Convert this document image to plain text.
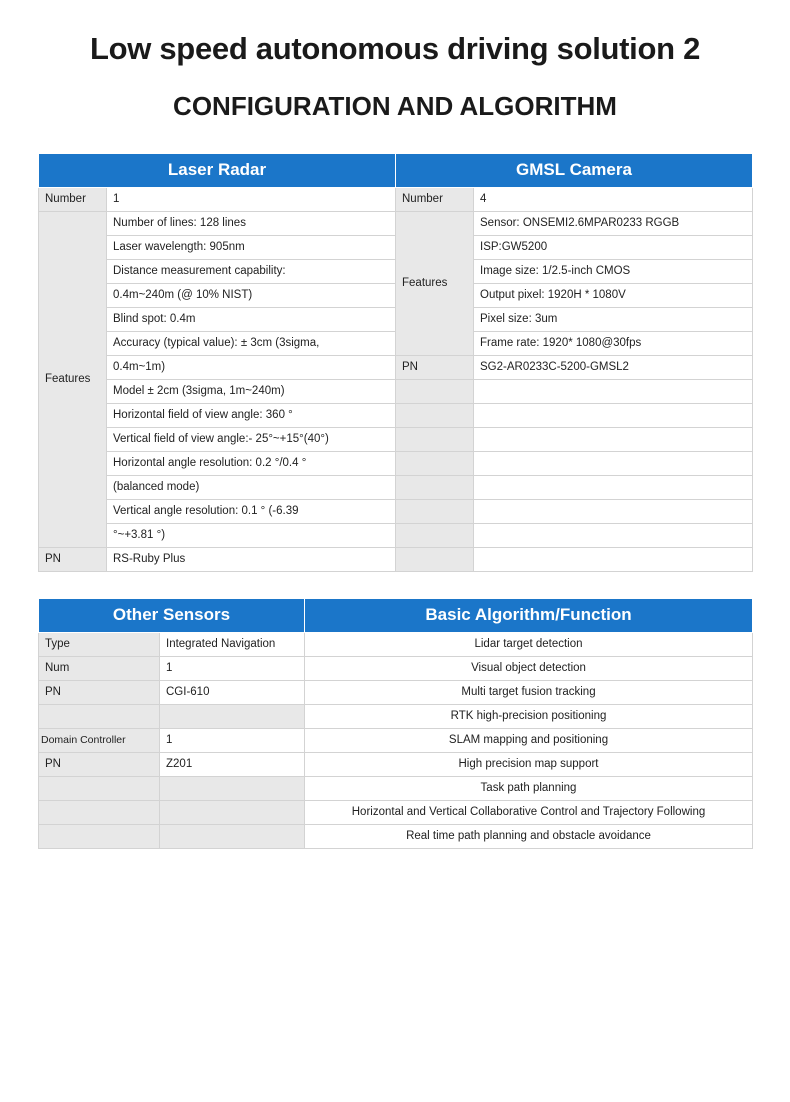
Low speed autonomous driving solution 2
CONFIGURATION AND ALGORITHM
Laser Radar		GMSL Camera	
Number	1	Number	4
Features	Number of lines: 128 lines	Features	Sensor: ONSEMI2.6MPAR0233 RGGB
	Laser wavelength: 905nm		ISP:GW5200
	Distance measurement capability:		Image size: 1/2.5-inch CMOS
	0.4m~240m (@ 10% NIST)		Output pixel: 1920H * 1080V
	Blind spot: 0.4m		Pixel size: 3um
	Accuracy (typical value): ± 3cm (3sigma,		Frame rate: 1920* 1080@30fps
	0.4m~1m)	PN	SG2-AR0233C-5200-GMSL2
	Model ± 2cm (3sigma, 1m~240m)		
	Horizontal field of view angle: 360 °		
	Vertical field of view angle:- 25°~+15°(40°)		
	Horizontal angle resolution: 0.2 °/0.4 °		
	(balanced mode)		
	Vertical angle resolution: 0.1 ° (-6.39		
	°~+3.81 °)		
PN	RS-Ruby Plus		
Other Sensors		Basic Algorithm/Function
Type	Integrated Navigation	Lidar target detection
Num	1	Visual object detection
PN	CGI-610	Multi target fusion tracking
		RTK high-precision positioning
Domain Controller	1	SLAM mapping and positioning
PN	Z201	High precision map support
		Task path planning
		Horizontal and Vertical Collaborative Control and Trajectory Following
		Real time path planning and obstacle avoidance
